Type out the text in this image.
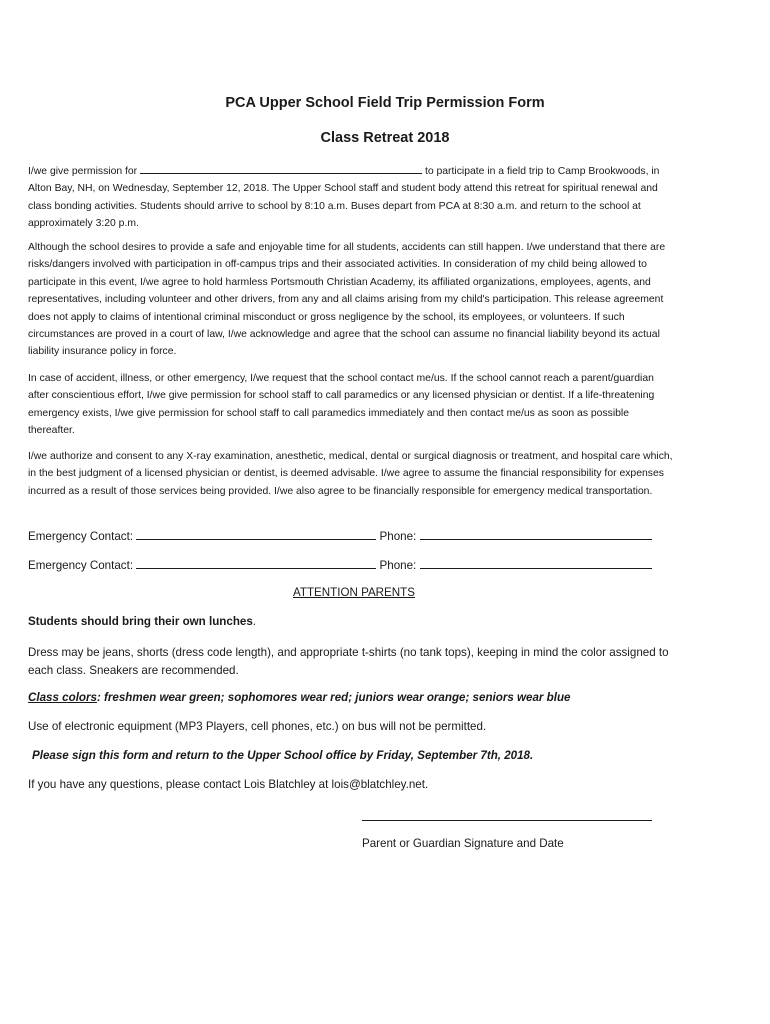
PCA Upper School Field Trip Permission Form
Class Retreat 2018

I/we give permission for	to participate in a field trip to Camp Brookwoods, in Alton Bay, NH, on Wednesday, September 12, 2018. The Upper School staff and student body attend this retreat for spiritual renewal and class bonding activities. Students should arrive to school by 8:10 a.m. Buses depart from PCA at 8:30 a.m. and return to the school at approximately 3:20 p.m.

Although the school desires to provide a safe and enjoyable time for all students, accidents can still happen. I/we understand that there are risks/dangers involved with participation in off-campus trips and their associated activities. In consideration of my child being allowed to participate in this event, I/we agree to hold harmless Portsmouth Christian Academy, its affiliated organizations, employees, agents, and representatives, including volunteer and other drivers, from any and all claims arising from my child's participation. This release agreement does not apply to claims of intentional criminal misconduct or gross negligence by the school, its employees, or volunteers. If such circumstances are proved in a court of law, I/we acknowledge and agree that the school can assume no financial liability beyond its actual liability insurance policy in force.

In case of accident, illness, or other emergency, I/we request that the school contact me/us. If the school cannot reach a parent/guardian after conscientious effort, I/we give permission for school staff to call paramedics or any licensed physician or dentist. If a life-threatening emergency exists, I/we give permission for school staff to call paramedics immediately and then contact me/us as soon as possible thereafter.

I/we authorize and consent to any X-ray examination, anesthetic, medical, dental or surgical diagnosis or treatment, and hospital care which, in the best judgment of a licensed physician or dentist, is deemed advisable. I/we agree to assume the financial responsibility for expenses incurred as a result of those services being provided. I/we also agree to be financially responsible for emergency medical transportation.

Emergency Contact:	Phone:
Emergency Contact:	Phone:
ATTENTION PARENTS
Students should bring their own lunches.

Dress may be jeans, shorts (dress code length), and appropriate t-shirts (no tank tops), keeping in mind the color assigned to each class. Sneakers are recommended.

Class colors: freshmen wear green; sophomores wear red; juniors wear orange; seniors wear blue
Use of electronic equipment (MP3 Players, cell phones, etc.) on bus will not be permitted.
Please sign this form and return to the Upper School office by Friday, September 7th, 2018.
If you have any questions, please contact Lois Blatchley at lois@blatchley.net.
Parent or Guardian Signature and Date
